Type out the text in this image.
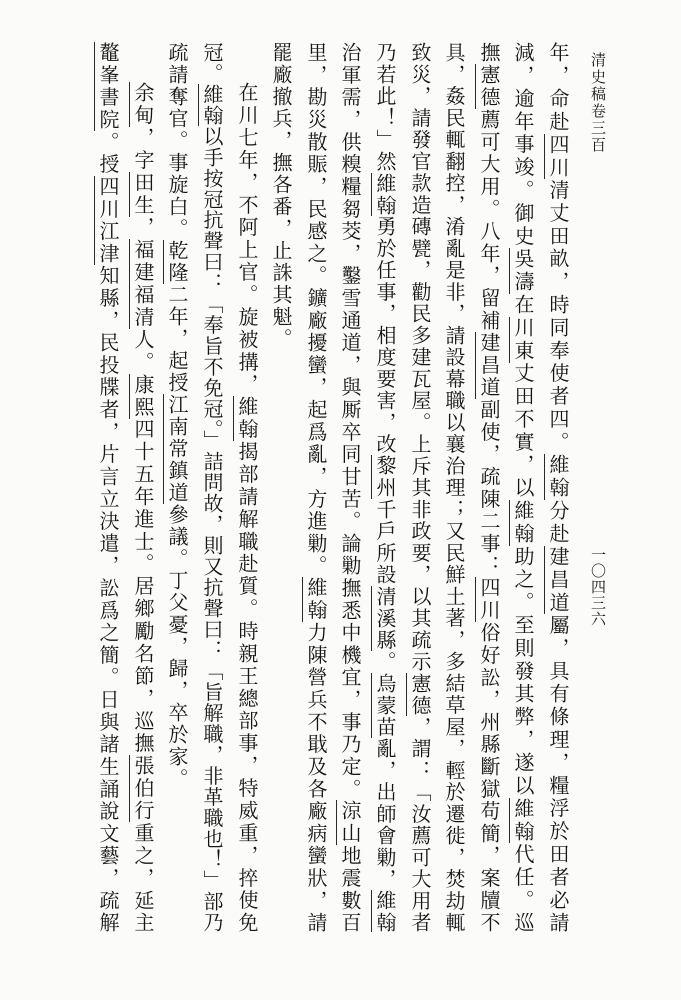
清史稿卷三百
一〇四三六
年，命赴四川清丈田畝，時同奉使者四。維翰分赴建昌道屬，具有條理，糧浮於田者必請
減，逾年事竣。御史吳濤在川東丈田不實，以維翰助之。至則發其弊，遂以維翰代任。巡
撫憲德薦可大用。八年，留補建昌道副使，疏陳二事：四川俗好訟，州縣斷獄苟簡，案牘不
具，姦民輒翻控，淆亂是非，請設幕職以襄治理；又民鮮土著，多結草屋，輕於遷徙，焚劫輒
致災，請發官款造磚甓，勸民多建瓦屋。上斥其非政要，以其疏示憲德，謂：「汝薦可大用者
乃若此！」然維翰勇於任事，相度要害，改黎州千戶所設清溪縣。烏蒙苗亂，出師會勦，維翰
治軍需，供糗糧芻茭，鑿雪通道，與厮卒同甘苦。論勦撫悉中機宜，事乃定。涼山地震數百
里，勘災散賑，民感之。鑛廠擾蠻，起爲亂，方進勦。維翰力陳營兵不戢及各廠病蠻狀，請
罷廠撤兵，撫各番，止誅其魁。
在川七年，不阿上官。旋被搆，維翰揭部請解職赴質。時親王總部事，特威重，捽使免
冠。維翰以手按冠抗聲曰：「奉旨不免冠。」詰問故，則又抗聲曰：「旨解職，非革職也！」部乃
疏請奪官。事旋白。乾隆二年，起授江南常鎮道參議。丁父憂，歸，卒於家。
余甸，字田生，福建福清人。康熙四十五年進士。居鄉勵名節，巡撫張伯行重之，延主
鼇峯書院。授四川江津知縣，民投牒者，片言立決遣，訟爲之簡。日與諸生誦說文藝，疏解
